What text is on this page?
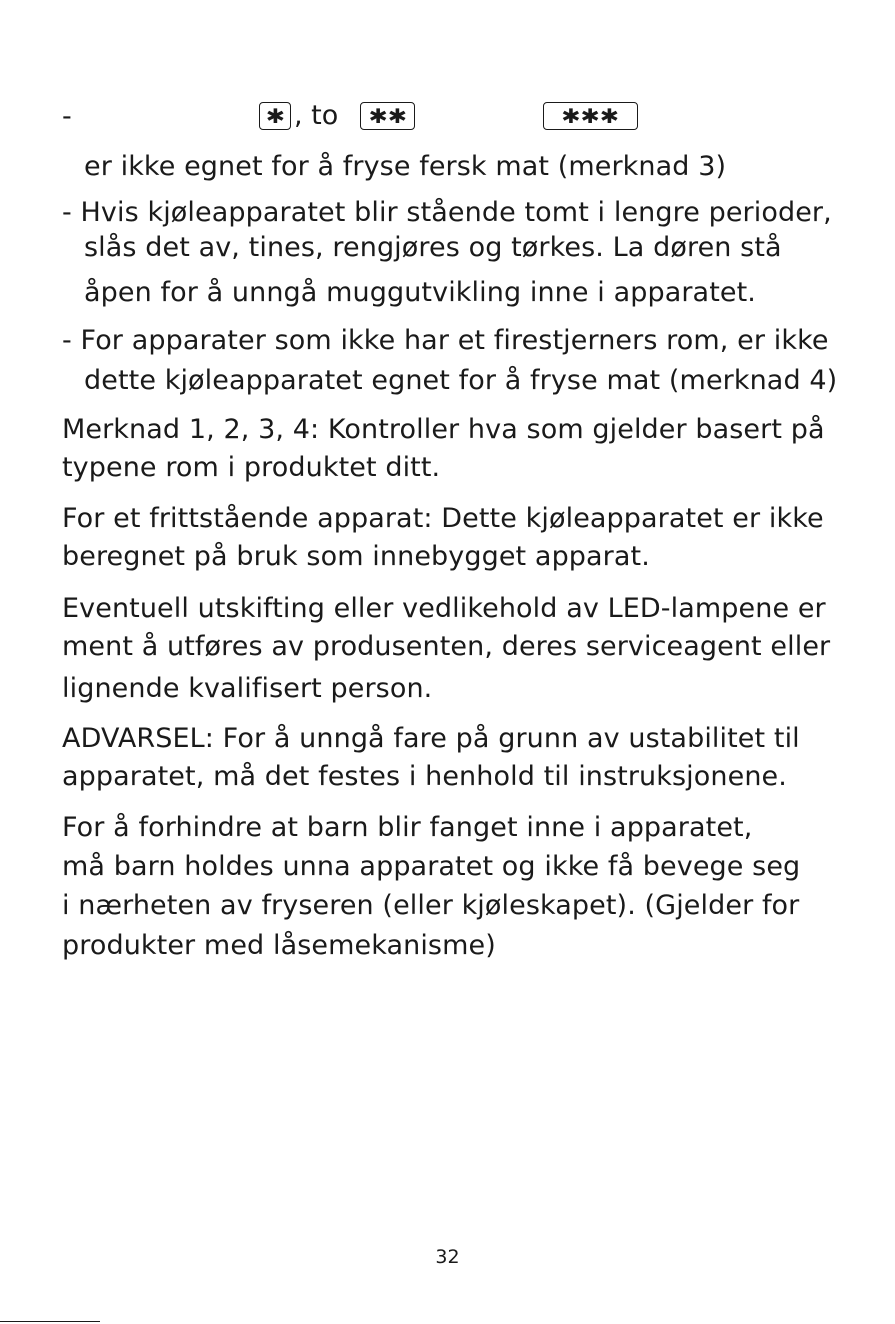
-	✱ , to ✱✱	✱✱✱
er ikke egnet for å fryse fersk mat (merknad 3)
- Hvis kjøleapparatet blir stående tomt i lengre perioder,
slås det av, tines, rengjøres og tørkes. La døren stå
åpen for å unngå muggutvikling inne i apparatet.
- For apparater som ikke har et firestjerners rom, er ikke
dette kjøleapparatet egnet for å fryse mat (merknad 4)
Merknad 1, 2, 3, 4: Kontroller hva som gjelder basert på
typene rom i produktet ditt.
For et frittstående apparat: Dette kjøleapparatet er ikke
beregnet på bruk som innebygget apparat.
Eventuell utskifting eller vedlikehold av LED-lampene er
ment å utføres av produsenten, deres serviceagent eller
lignende kvalifisert person.
ADVARSEL: For å unngå fare på grunn av ustabilitet til
apparatet, må det festes i henhold til instruksjonene.
For å forhindre at barn blir fanget inne i apparatet,
må barn holdes unna apparatet og ikke få bevege seg
i nærheten av fryseren (eller kjøleskapet). (Gjelder for
produkter med låsemekanisme)
32
